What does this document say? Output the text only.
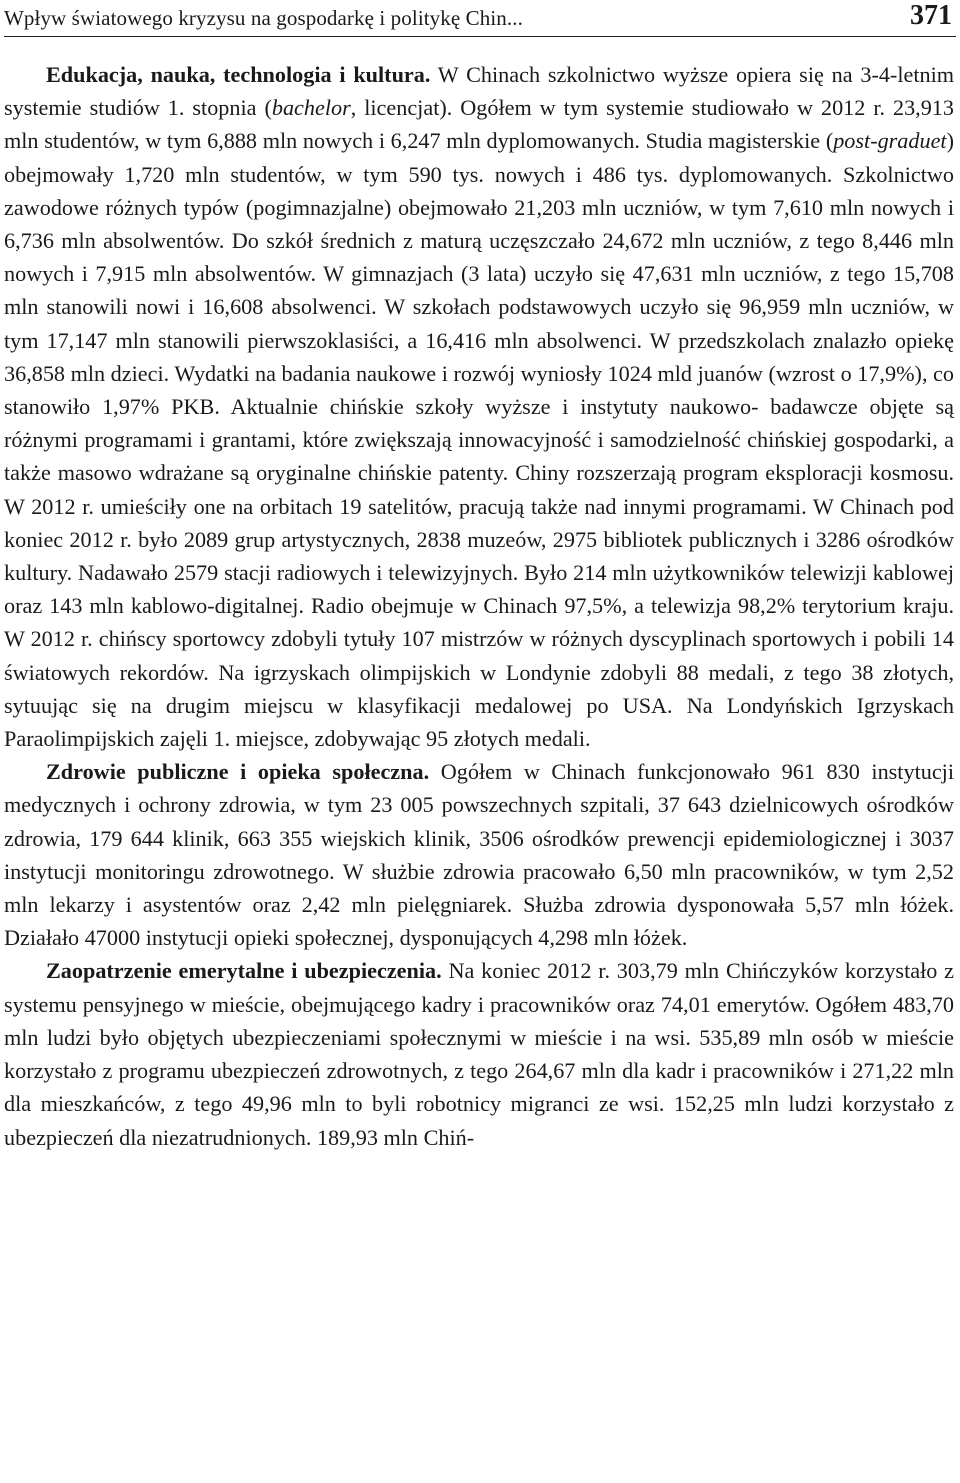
Wpływ światowego kryzysu na gospodarkę i politykę Chin...	371

Edukacja, nauka, technologia i kultura. W Chinach szkolnictwo wyższe opiera się na 3-4-letnim systemie studiów 1. stopnia (bachelor, licencjat). Ogółem w tym systemie studiowało w 2012 r. 23,913 mln studentów, w tym 6,888 mln nowych i 6,247 mln dyplomowanych. Studia magisterskie (post-graduet) obejmowały 1,720 mln studentów, w tym 590 tys. nowych i 486 tys. dyplomowanych. Szkolnictwo zawodowe różnych typów (pogimnazjalne) obejmowało 21,203 mln uczniów, w tym 7,610 mln nowych i 6,736 mln absolwentów. Do szkół średnich z maturą uczęszczało 24,672 mln uczniów, z tego 8,446 mln nowych i 7,915 mln absolwentów. W gimnazjach (3 lata) uczyło się 47,631 mln uczniów, z tego 15,708 mln stanowili nowi i 16,608 absolwenci. W szkołach podstawowych uczyło się 96,959 mln uczniów, w tym 17,147 mln stanowili pierwszoklasiści, a 16,416 mln absolwenci. W przedszkolach znalazło opiekę 36,858 mln dzieci. Wydatki na badania naukowe i rozwój wyniosły 1024 mld juanów (wzrost o 17,9%), co stanowiło 1,97% PKB. Aktualnie chińskie szkoły wyższe i instytuty naukowo- badawcze objęte są różnymi programami i grantami, które zwiększają innowacyjność i samodzielność chińskiej gospodarki, a także masowo wdrażane są oryginalne chińskie patenty. Chiny rozszerzają program eksploracji kosmosu. W 2012 r. umieściły one na orbitach 19 satelitów, pracują także nad innymi programami. W Chinach pod koniec 2012 r. było 2089 grup artystycznych, 2838 muzeów, 2975 bibliotek publicznych i 3286 ośrodków kultury. Nadawało 2579 stacji radiowych i telewizyjnych. Było 214 mln użytkowników telewizji kablowej oraz 143 mln kablowo-digitalnej. Radio obejmuje w Chinach 97,5%, a telewizja 98,2% terytorium kraju. W 2012 r. chińscy sportowcy zdobyli tytuły 107 mistrzów w różnych dyscyplinach sportowych i pobili 14 światowych rekordów. Na igrzyskach olimpijskich w Londynie zdobyli 88 medali, z tego 38 złotych, sytuując się na drugim miejscu w klasyfikacji medalowej po USA. Na Londyńskich Igrzyskach Paraolimpijskich zajęli 1. miejsce, zdobywając 95 złotych medali.

Zdrowie publiczne i opieka społeczna. Ogółem w Chinach funkcjonowało 961 830 instytucji medycznych i ochrony zdrowia, w tym 23 005 powszechnych szpitali, 37 643 dzielnicowych ośrodków zdrowia, 179 644 klinik, 663 355 wiejskich klinik, 3506 ośrodków prewencji epidemiologicznej i 3037 instytucji monitoringu zdrowotnego. W służbie zdrowia pracowało 6,50 mln pracowników, w tym 2,52 mln lekarzy i asystentów oraz 2,42 mln pielęgniarek. Służba zdrowia dysponowała 5,57 mln łóżek. Działało 47000 instytucji opieki społecznej, dysponujących 4,298 mln łóżek.

Zaopatrzenie emerytalne i ubezpieczenia. Na koniec 2012 r. 303,79 mln Chińczyków korzystało z systemu pensyjnego w mieście, obejmującego kadry i pracowników oraz 74,01 emerytów. Ogółem 483,70 mln ludzi było objętych ubezpieczeniami społecznymi w mieście i na wsi. 535,89 mln osób w mieście korzystało z programu ubezpieczeń zdrowotnych, z tego 264,67 mln dla kadr i pracowników i 271,22 mln dla mieszkańców, z tego 49,96 mln to byli robotnicy migranci ze wsi. 152,25 mln ludzi korzystało z ubezpieczeń dla niezatrudnionych. 189,93 mln Chiń-
